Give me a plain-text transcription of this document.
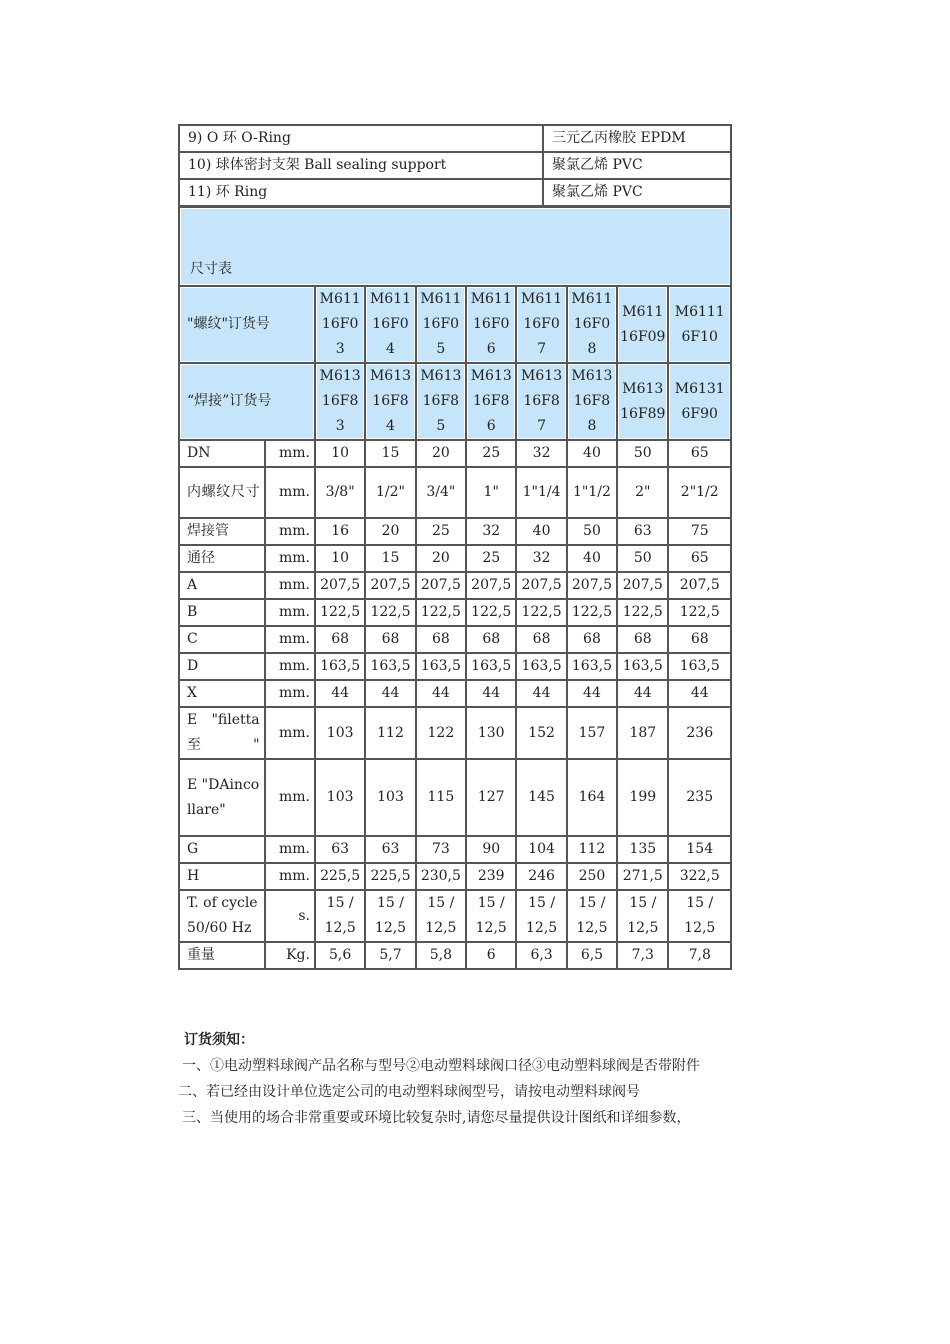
9) O 环 O-Ring	三元乙丙橡胶 EPDM
10) 球体密封支架 Ball sealing support	聚氯乙烯 PVC
11) 环 Ring	聚氯乙烯 PVC
尺寸表									
"螺纹"订货号		M61116F03	M61116F04	M61116F05	M61116F06	M61116F07	M61116F08	M61116F09	M61116F10
“焊接”订货号		M61316F83	M61316F84	M61316F85	M61316F86	M61316F87	M61316F88	M61316F89	M61316F90
DN	mm.	10	15	20	25	32	40	50	65
内螺纹尺寸	mm.	3/8"	1/2"	3/4"	1"	1"1/4	1"1/2	2"	2"1/2
焊接管	mm.	16	20	25	32	40	50	63	75
通径	mm.	10	15	20	25	32	40	50	65
A	mm.	207,5	207,5	207,5	207,5	207,5	207,5	207,5	207,5
B	mm.	122,5	122,5	122,5	122,5	122,5	122,5	122,5	122,5
C	mm.	68	68	68	68	68	68	68	68
D	mm.	163,5	163,5	163,5	163,5	163,5	163,5	163,5	163,5
X	mm.	44	44	44	44	44	44	44	44
E "filetta至"	mm.	103	112	122	130	152	157	187	236
E "DAincollare"	mm.	103	103	115	127	145	164	199	235
G	mm.	63	63	73	90	104	112	135	154
H	mm.	225,5	225,5	230,5	239	246	250	271,5	322,5
T. of cycle 50/60 Hz	s.	15 / 12,5	15 / 12,5	15 / 12,5	15 / 12,5	15 / 12,5	15 / 12,5	15 / 12,5	15 / 12,5
重量	Kg.	5,6	5,7	5,8	6	6,3	6,5	7,3	7,8
订货须知：
一、①电动塑料球阀产品名称与型号②电动塑料球阀口径③电动塑料球阀是否带附件
二、若已经由设计单位选定公司的电动塑料球阀型号，请按电动塑料球阀号
三、当使用的场合非常重要或环境比较复杂时,请您尽量提供设计图纸和详细参数，
